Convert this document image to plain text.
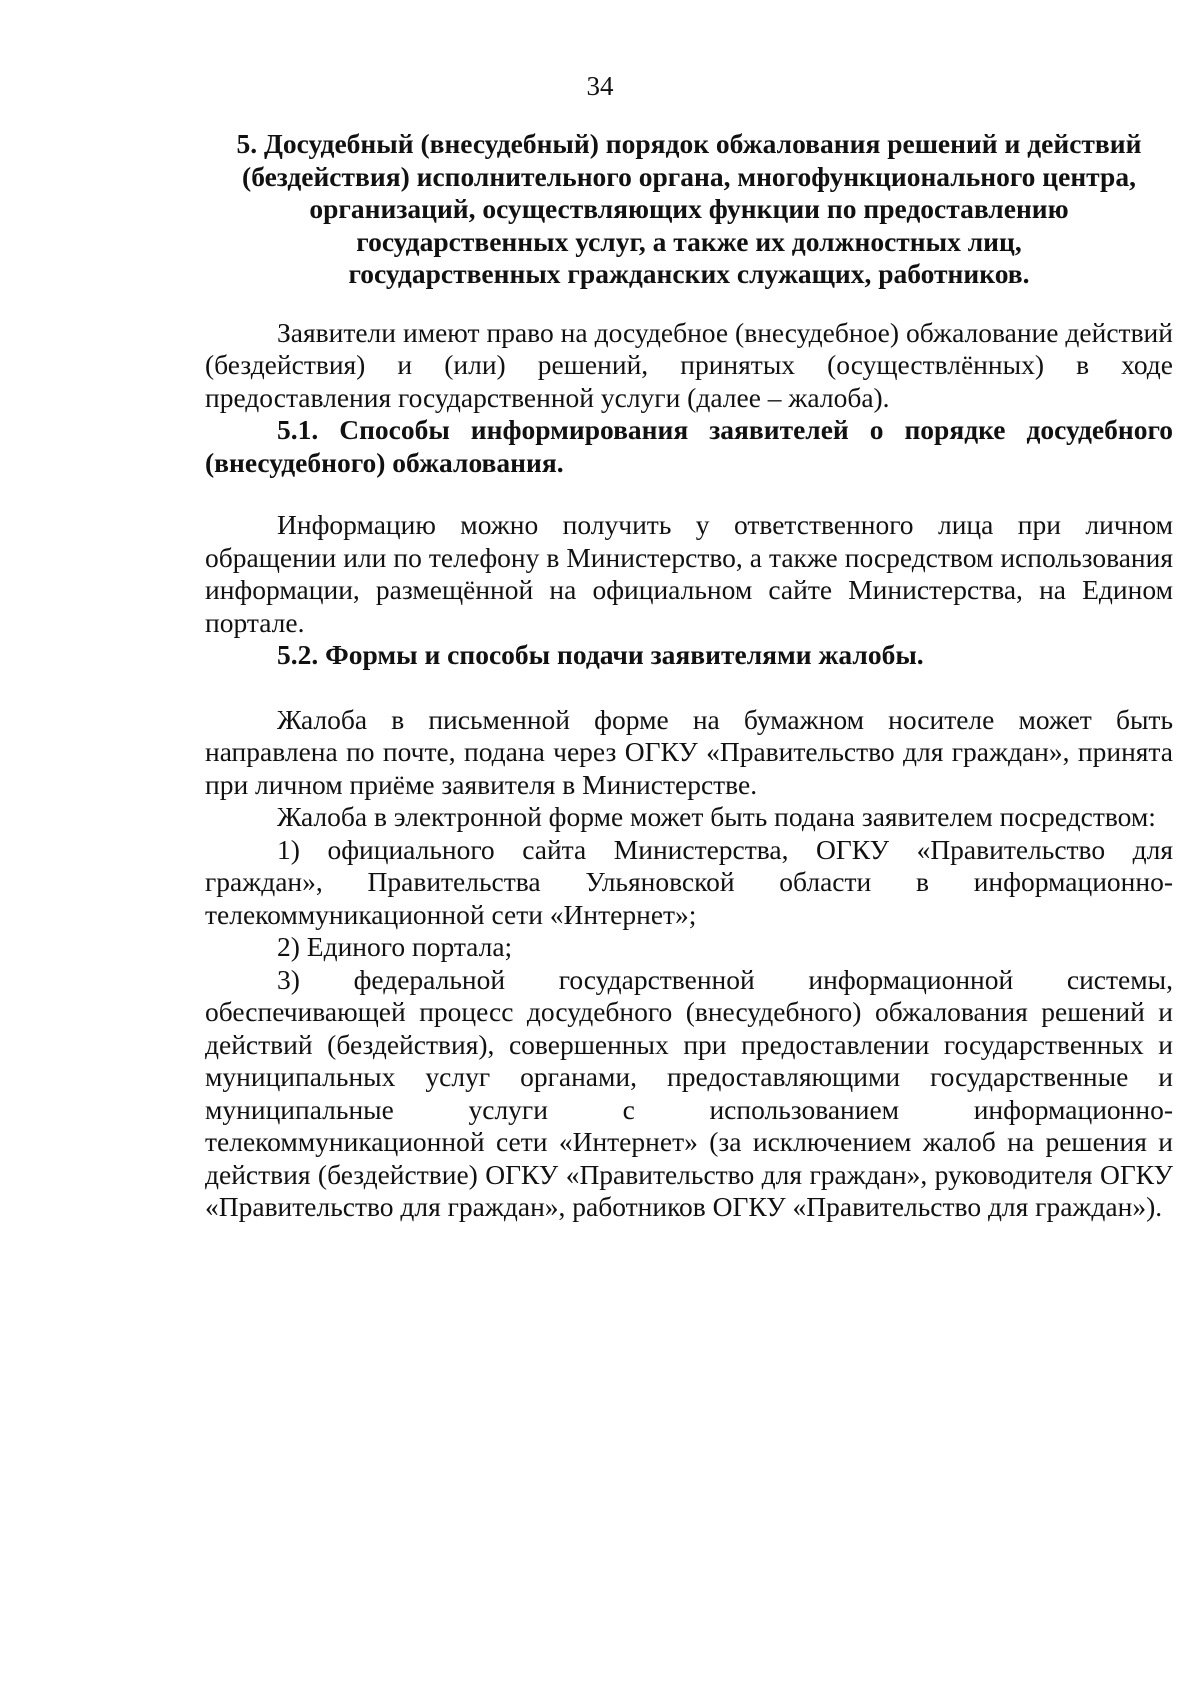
34
5. Досудебный (внесудебный) порядок обжалования решений и действий
(бездействия) исполнительного органа, многофункционального центра,
организаций, осуществляющих функции по предоставлению
государственных услуг, а также их должностных лиц,
государственных гражданских служащих, работников.

Заявители имеют право на досудебное (внесудебное) обжалование действий (бездействия) и (или) решений, принятых (осуществлённых) в ходе предоставления государственной услуги (далее – жалоба).

5.1. Способы информирования заявителей о порядке досудебного (внесудебного) обжалования.

Информацию можно получить у ответственного лица при личном обращении или по телефону в Министерство, а также посредством использования информации, размещённой на официальном сайте Министерства, на Едином портале.

5.2. Формы и способы подачи заявителями жалобы.

Жалоба в письменной форме на бумажном носителе может быть направлена по почте, подана через ОГКУ «Правительство для граждан», принята при личном приёме заявителя в Министерстве.

Жалоба в электронной форме может быть подана заявителем посредством:

1) официального сайта Министерства, ОГКУ «Правительство для граждан», Правительства Ульяновской области в информационно-телекоммуникационной сети «Интернет»;

2) Единого портала;

3) федеральной государственной информационной системы, обеспечивающей процесс досудебного (внесудебного) обжалования решений и действий (бездействия), совершенных при предоставлении государственных и муниципальных услуг органами, предоставляющими государственные и муниципальные услуги с использованием информационно-телекоммуникационной сети «Интернет» (за исключением жалоб на решения и действия (бездействие) ОГКУ «Правительство для граждан», руководителя ОГКУ «Правительство для граждан», работников ОГКУ «Правительство для граждан»).
